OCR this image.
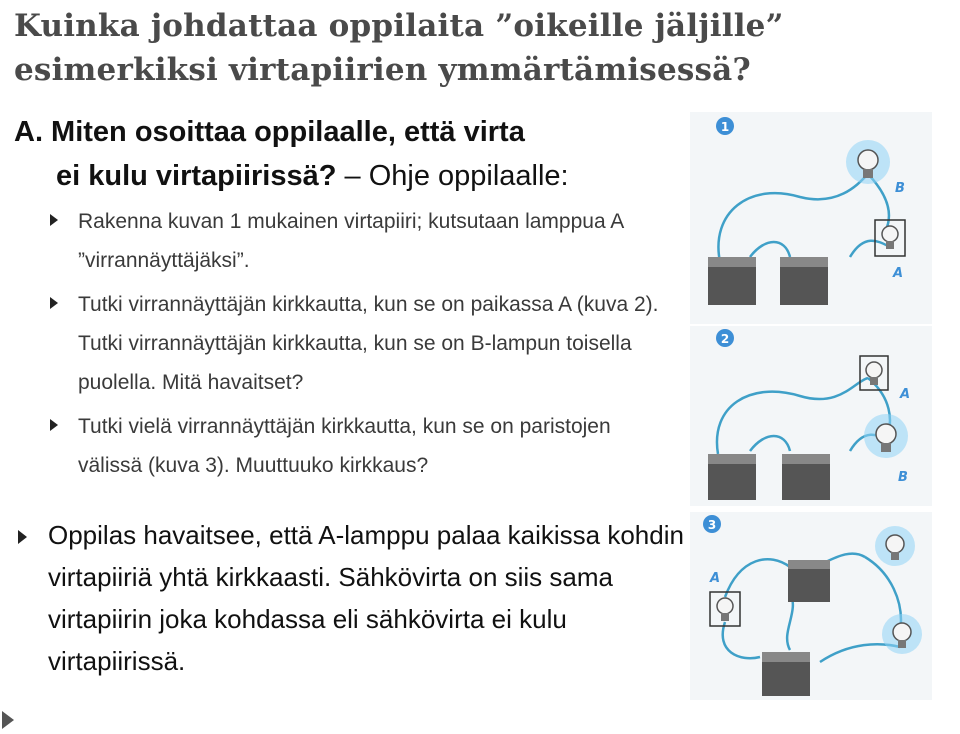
Kuinka johdattaa oppilaita ”oikeille jäljille”
esimerkiksi virtapiirien ymmärtämisessä?
A. Miten osoittaa oppilaalle, että virta
ei kulu virtapiirissä? – Ohje oppilaalle:
Rakenna kuvan 1 mukainen virtapiiri; kutsutaan lamppua A ”virrannäyttäjäksi”.
Tutki virrannäyttäjän kirkkautta, kun se on paikassa A (kuva 2). Tutki virrannäyttäjän kirkkautta, kun se on B-lampun toisella puolella. Mitä havaitset?
Tutki vielä virrannäyttäjän kirkkautta, kun se on paristojen välissä (kuva 3). Muuttuuko kirkkaus?
Oppilas havaitsee, että A-lamppu palaa kaikissa kohdin virtapiiriä yhtä kirkkaasti. Sähkövirta on siis sama virtapiirin joka kohdassa eli sähkövirta ei kulu virtapiirissä.
1
B
A
2
A
B
3
A
